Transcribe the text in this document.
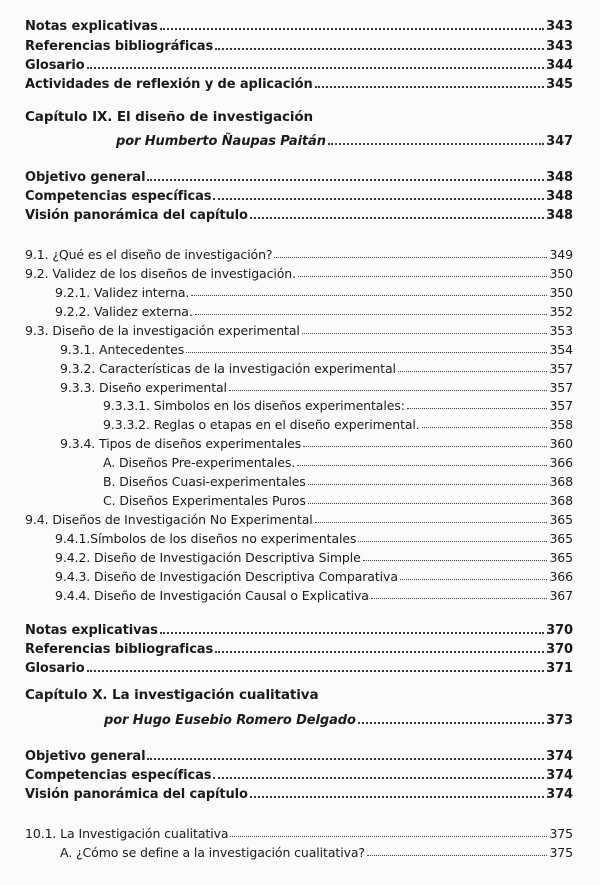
Notas explicativas	343
Referencias bibliográficas	343
Glosario	344
Actividades de reflexión y de aplicación	345
Capítulo IX. El diseño de investigación
por Humberto Ñaupas Paitán	347
Objetivo general	348
Competencias específicas	348
Visión panorámica del capítulo	348
9.1. ¿Qué es el diseño de investigación?	349
9.2. Validez de los diseños de investigación.	350
9.2.1. Validez interna.	350
9.2.2. Validez externa.	352
9.3. Diseño de la investigación experimental	353
9.3.1. Antecedentes	354
9.3.2. Características de la investigación experimental	357
9.3.3. Diseño experimental	357
9.3.3.1. Simbolos en los diseños experimentales:	357
9.3.3.2. Reglas o etapas en el diseño experimental.	358
9.3.4. Tipos de diseños experimentales	360
A. Diseños Pre-experimentales.	366
B. Diseños Cuasi-experimentales	368
C. Diseños Experimentales Puros	368
9.4. Diseños de Investigación No Experimental	365
9.4.1.Símbolos de los diseños no experimentales	365
9.4.2. Diseño de Investigación Descriptiva Simple	365
9.4.3. Diseño de Investigación Descriptiva Comparativa	366
9.4.4. Diseño de Investigación Causal o Explicativa	367
Notas explicativas	370
Referencias bibliograficas	370
Glosario	371
Capítulo X. La investigación cualitativa
por Hugo Eusebio Romero Delgado	373
Objetivo general	374
Competencias específicas	374
Visión panorámica del capítulo	374
10.1. La Investigación cualitativa	375
A. ¿Cómo se define a la investigación cualitativa?	375
